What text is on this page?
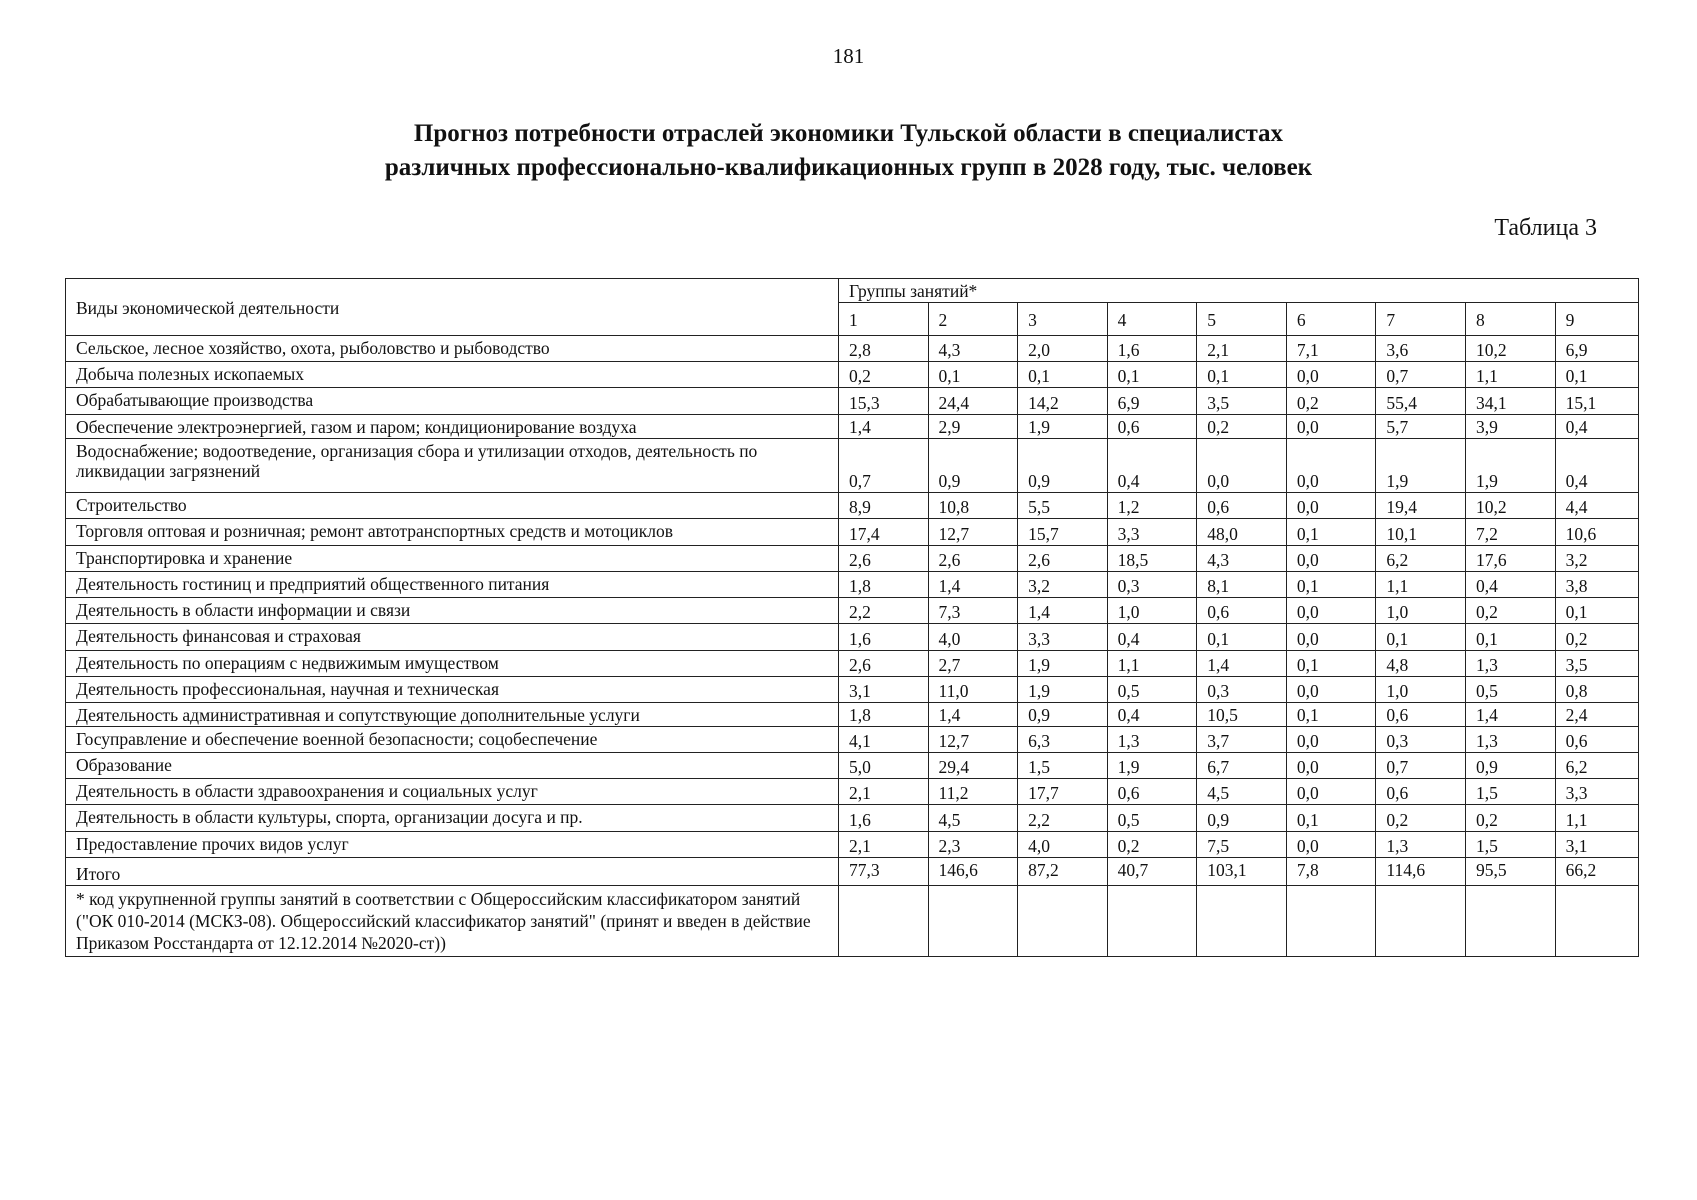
181
Прогноз потребности отраслей экономики Тульской области в специалистах
различных профессионально-квалификационных групп в 2028 году, тыс. человек
Таблица 3
Виды экономической деятельности	Группы занятий*								
	1	2	3	4	5	6	7	8	9
Сельское, лесное хозяйство, охота, рыболовство и рыбоводство	2,8	4,3	2,0	1,6	2,1	7,1	3,6	10,2	6,9
Добыча полезных ископаемых	0,2	0,1	0,1	0,1	0,1	0,0	0,7	1,1	0,1
Обрабатывающие производства	15,3	24,4	14,2	6,9	3,5	0,2	55,4	34,1	15,1
Обеспечение электроэнергией, газом и паром; кондиционирование воздуха	1,4	2,9	1,9	0,6	0,2	0,0	5,7	3,9	0,4
Водоснабжение; водоотведение, организация сбора и утилизации отходов, деятельность по ликвидации загрязнений	0,7	0,9	0,9	0,4	0,0	0,0	1,9	1,9	0,4
Строительство	8,9	10,8	5,5	1,2	0,6	0,0	19,4	10,2	4,4
Торговля оптовая и розничная; ремонт автотранспортных средств и мотоциклов	17,4	12,7	15,7	3,3	48,0	0,1	10,1	7,2	10,6
Транспортировка и хранение	2,6	2,6	2,6	18,5	4,3	0,0	6,2	17,6	3,2
Деятельность гостиниц и предприятий общественного питания	1,8	1,4	3,2	0,3	8,1	0,1	1,1	0,4	3,8
Деятельность в области информации и связи	2,2	7,3	1,4	1,0	0,6	0,0	1,0	0,2	0,1
Деятельность финансовая и страховая	1,6	4,0	3,3	0,4	0,1	0,0	0,1	0,1	0,2
Деятельность по операциям с недвижимым имуществом	2,6	2,7	1,9	1,1	1,4	0,1	4,8	1,3	3,5
Деятельность профессиональная, научная и техническая	3,1	11,0	1,9	0,5	0,3	0,0	1,0	0,5	0,8
Деятельность административная и сопутствующие дополнительные услуги	1,8	1,4	0,9	0,4	10,5	0,1	0,6	1,4	2,4
Госуправление и обеспечение военной безопасности; соцобеспечение	4,1	12,7	6,3	1,3	3,7	0,0	0,3	1,3	0,6
Образование	5,0	29,4	1,5	1,9	6,7	0,0	0,7	0,9	6,2
Деятельность в области здравоохранения и социальных услуг	2,1	11,2	17,7	0,6	4,5	0,0	0,6	1,5	3,3
Деятельность в области культуры, спорта, организации досуга и пр.	1,6	4,5	2,2	0,5	0,9	0,1	0,2	0,2	1,1
Предоставление прочих видов услуг	2,1	2,3	4,0	0,2	7,5	0,0	1,3	1,5	3,1
Итого	77,3	146,6	87,2	40,7	103,1	7,8	114,6	95,5	66,2
* код укрупненной группы занятий в соответствии с Общероссийским классификатором занятий ("ОК 010-2014 (МСКЗ-08). Общероссийский классификатор занятий" (принят и введен в действие Приказом Росстандарта от 12.12.2014 №2020-ст))									
